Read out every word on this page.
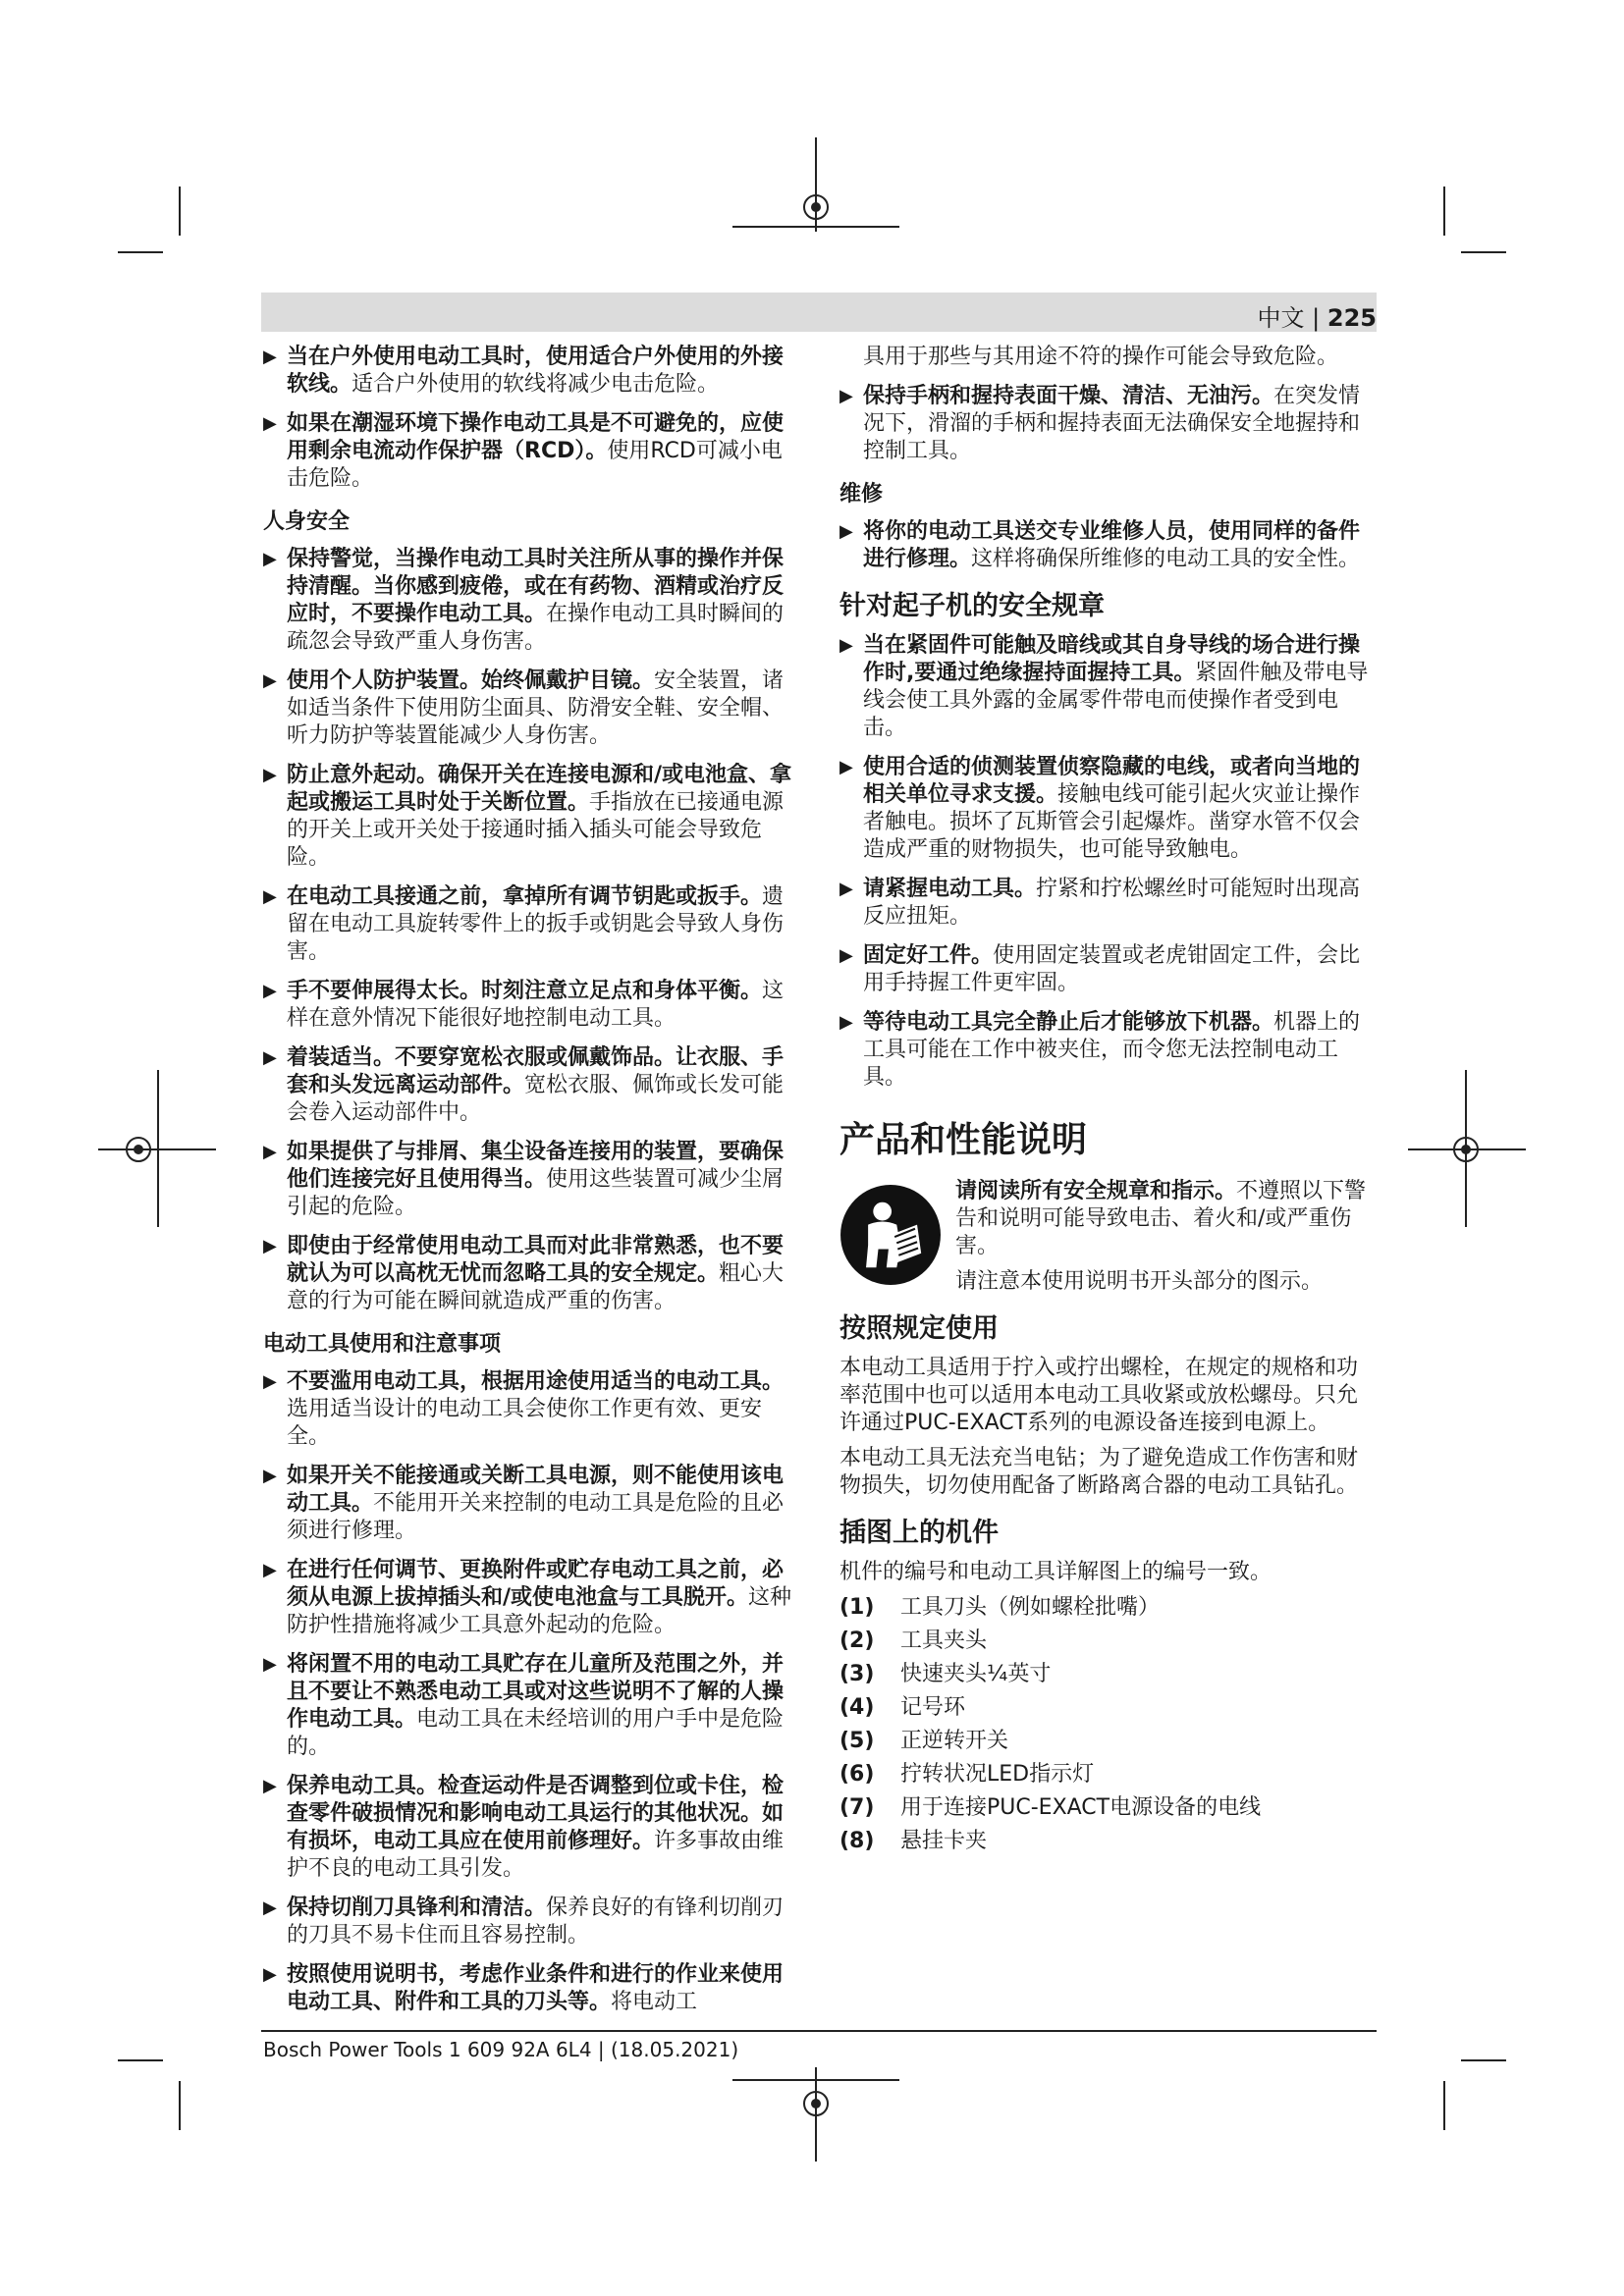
中文 | 225
▶ 当在户外使用电动工具时，使用适合户外使用的外接软线。适合户外使用的软线将减少电击危险。
▶ 如果在潮湿环境下操作电动工具是不可避免的，应使用剩余电流动作保护器（RCD）。使用RCD可减小电击危险。
人身安全
▶ 保持警觉，当操作电动工具时关注所从事的操作并保持清醒。当你感到疲倦，或在有药物、酒精或治疗反应时，不要操作电动工具。在操作电动工具时瞬间的疏忽会导致严重人身伤害。
▶ 使用个人防护装置。始终佩戴护目镜。安全装置，诸如适当条件下使用防尘面具、防滑安全鞋、安全帽、听力防护等装置能减少人身伤害。
▶ 防止意外起动。确保开关在连接电源和/或电池盒、拿起或搬运工具时处于关断位置。手指放在已接通电源的开关上或开关处于接通时插入插头可能会导致危险。
▶ 在电动工具接通之前，拿掉所有调节钥匙或扳手。遗留在电动工具旋转零件上的扳手或钥匙会导致人身伤害。
▶ 手不要伸展得太长。时刻注意立足点和身体平衡。这样在意外情况下能很好地控制电动工具。
▶ 着装适当。不要穿宽松衣服或佩戴饰品。让衣服、手套和头发远离运动部件。宽松衣服、佩饰或长发可能会卷入运动部件中。
▶ 如果提供了与排屑、集尘设备连接用的装置，要确保他们连接完好且使用得当。使用这些装置可减少尘屑引起的危险。
▶ 即使由于经常使用电动工具而对此非常熟悉，也不要就认为可以高枕无忧而忽略工具的安全规定。粗心大意的行为可能在瞬间就造成严重的伤害。
电动工具使用和注意事项
▶ 不要滥用电动工具，根据用途使用适当的电动工具。选用适当设计的电动工具会使你工作更有效、更安全。
▶ 如果开关不能接通或关断工具电源，则不能使用该电动工具。不能用开关来控制的电动工具是危险的且必须进行修理。
▶ 在进行任何调节、更换附件或贮存电动工具之前，必须从电源上拔掉插头和/或使电池盒与工具脱开。这种防护性措施将减少工具意外起动的危险。
▶ 将闲置不用的电动工具贮存在儿童所及范围之外，并且不要让不熟悉电动工具或对这些说明不了解的人操作电动工具。电动工具在未经培训的用户手中是危险的。
▶ 保养电动工具。检查运动件是否调整到位或卡住，检查零件破损情况和影响电动工具运行的其他状况。如有损坏，电动工具应在使用前修理好。许多事故由维护不良的电动工具引发。
▶ 保持切削刀具锋利和清洁。保养良好的有锋利切削刃的刀具不易卡住而且容易控制。
▶ 按照使用说明书，考虑作业条件和进行的作业来使用电动工具、附件和工具的刀头等。将电动工
具用于那些与其用途不符的操作可能会导致危险。
▶ 保持手柄和握持表面干燥、清洁、无油污。在突发情况下，滑溜的手柄和握持表面无法确保安全地握持和控制工具。
维修
▶ 将你的电动工具送交专业维修人员，使用同样的备件进行修理。这样将确保所维修的电动工具的安全性。
针对起子机的安全规章
▶ 当在紧固件可能触及暗线或其自身导线的场合进行操作时,要通过绝缘握持面握持工具。紧固件触及带电导线会使工具外露的金属零件带电而使操作者受到电击。
▶ 使用合适的侦测装置侦察隐藏的电线，或者向当地的相关单位寻求支援。接触电线可能引起火灾並让操作者触电。损坏了瓦斯管会引起爆炸。凿穿水管不仅会造成严重的财物损失，也可能导致触电。
▶ 请紧握电动工具。拧紧和拧松螺丝时可能短时出现高反应扭矩。
▶ 固定好工件。使用固定装置或老虎钳固定工件，会比用手持握工件更牢固。
▶ 等待电动工具完全静止后才能够放下机器。机器上的工具可能在工作中被夹住，而令您无法控制电动工具。
产品和性能说明
请阅读所有安全规章和指示。不遵照以下警告和说明可能导致电击、着火和/或严重伤害。
请注意本使用说明书开头部分的图示。
按照规定使用
本电动工具适用于拧入或拧出螺栓，在规定的规格和功率范围中也可以适用本电动工具收紧或放松螺母。只允许通过PUC-EXACT系列的电源设备连接到电源上。
本电动工具无法充当电钻；为了避免造成工作伤害和财物损失，切勿使用配备了断路离合器的电动工具钻孔。
插图上的机件
机件的编号和电动工具详解图上的编号一致。
(1)	工具刀头（例如螺栓批嘴）
(2)	工具夹头
(3)	快速夹头¼英寸
(4)	记号环
(5)	正逆转开关
(6)	拧转状况LED指示灯
(7)	用于连接PUC-EXACT电源设备的电线
(8)	悬挂卡夹
Bosch Power Tools 1 609 92A 6L4 | (18.05.2021)
